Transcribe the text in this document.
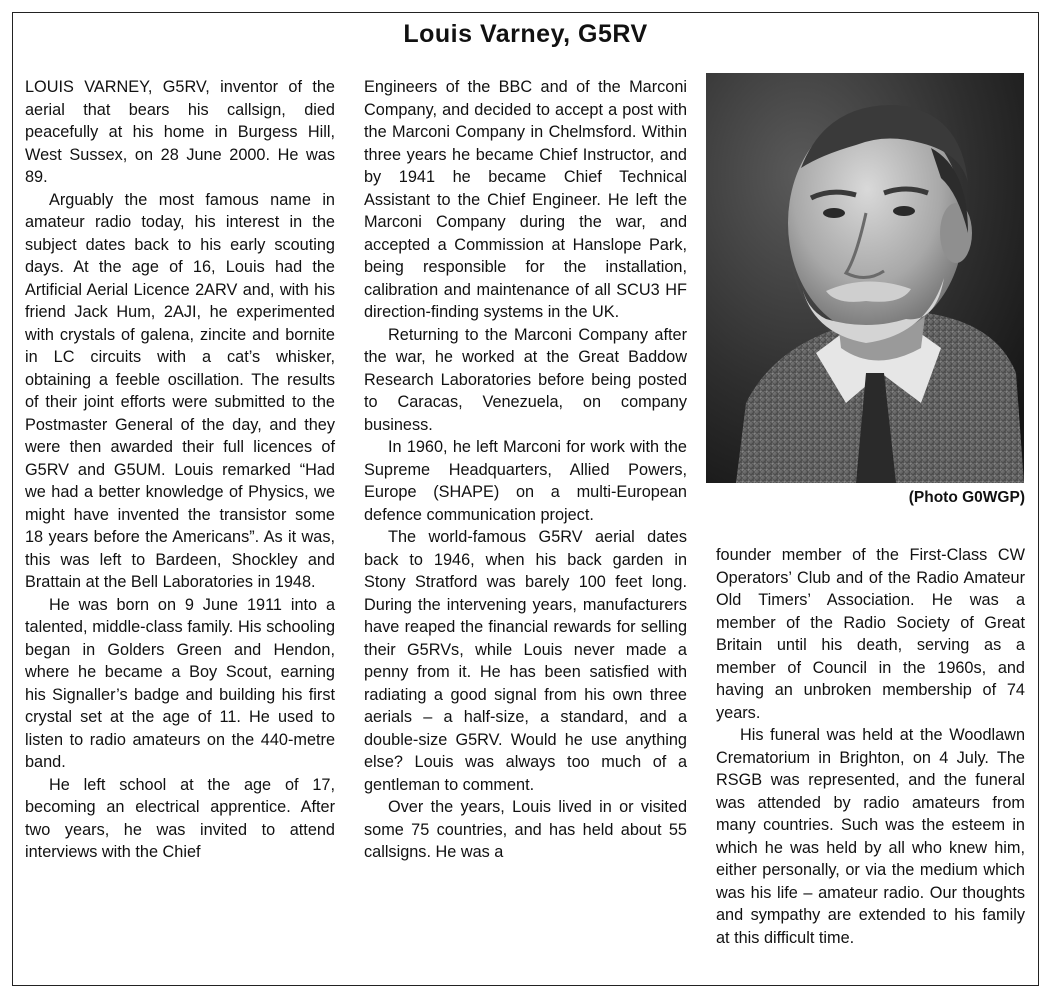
Louis Varney, G5RV

LOUIS VARNEY, G5RV, inventor of the aerial that bears his callsign, died peacefully at his home in Burgess Hill, West Sussex, on 28 June 2000. He was 89.

Arguably the most famous name in amateur radio today, his interest in the subject dates back to his early scouting days. At the age of 16, Louis had the Artificial Aerial Licence 2ARV and, with his friend Jack Hum, 2AJI, he experimented with crystals of galena, zincite and bornite in LC circuits with a cat’s whisker, obtaining a feeble oscillation. The results of their joint efforts were submitted to the Postmaster General of the day, and they were then awarded their full licences of G5RV and G5UM. Louis remarked “Had we had a better knowledge of Physics, we might have invented the transistor some 18 years before the Americans”. As it was, this was left to Bardeen, Shockley and Brattain at the Bell Laboratories in 1948.

He was born on 9 June 1911 into a talented, middle-class family. His schooling began in Golders Green and Hendon, where he became a Boy Scout, earning his Signaller’s badge and building his first crystal set at the age of 11. He used to listen to radio amateurs on the 440-metre band.

He left school at the age of 17, becoming an electrical apprentice. After two years, he was invited to attend interviews with the Chief

Engineers of the BBC and of the Marconi Company, and decided to accept a post with the Marconi Company in Chelmsford. Within three years he became Chief Instructor, and by 1941 he became Chief Technical Assistant to the Chief Engineer. He left the Marconi Company during the war, and accepted a Commission at Hanslope Park, being responsible for the installation, calibration and maintenance of all SCU3 HF direction-finding systems in the UK.

Returning to the Marconi Company after the war, he worked at the Great Baddow Research Laboratories before being posted to Caracas, Venezuela, on company business.

In 1960, he left Marconi for work with the Supreme Headquarters, Allied Powers, Europe (SHAPE) on a multi-European defence communication project.

The world-famous G5RV aerial dates back to 1946, when his back garden in Stony Stratford was barely 100 feet long. During the intervening years, manufacturers have reaped the financial rewards for selling their G5RVs, while Louis never made a penny from it. He has been satisfied with radiating a good signal from his own three aerials – a half-size, a standard, and a double-size G5RV. Would he use anything else? Louis was always too much of a gentleman to comment.

Over the years, Louis lived in or visited some 75 countries, and has held about 55 callsigns. He was a

(Photo G0WGP)

founder member of the First-Class CW Operators’ Club and of the Radio Amateur Old Timers’ Association. He was a member of the Radio Society of Great Britain until his death, serving as a member of Council in the 1960s, and having an unbroken membership of 74 years.

His funeral was held at the Woodlawn Crematorium in Brighton, on 4 July. The RSGB was represented, and the funeral was attended by radio amateurs from many countries. Such was the esteem in which he was held by all who knew him, either personally, or via the medium which was his life – amateur radio. Our thoughts and sympathy are extended to his family at this difficult time.
